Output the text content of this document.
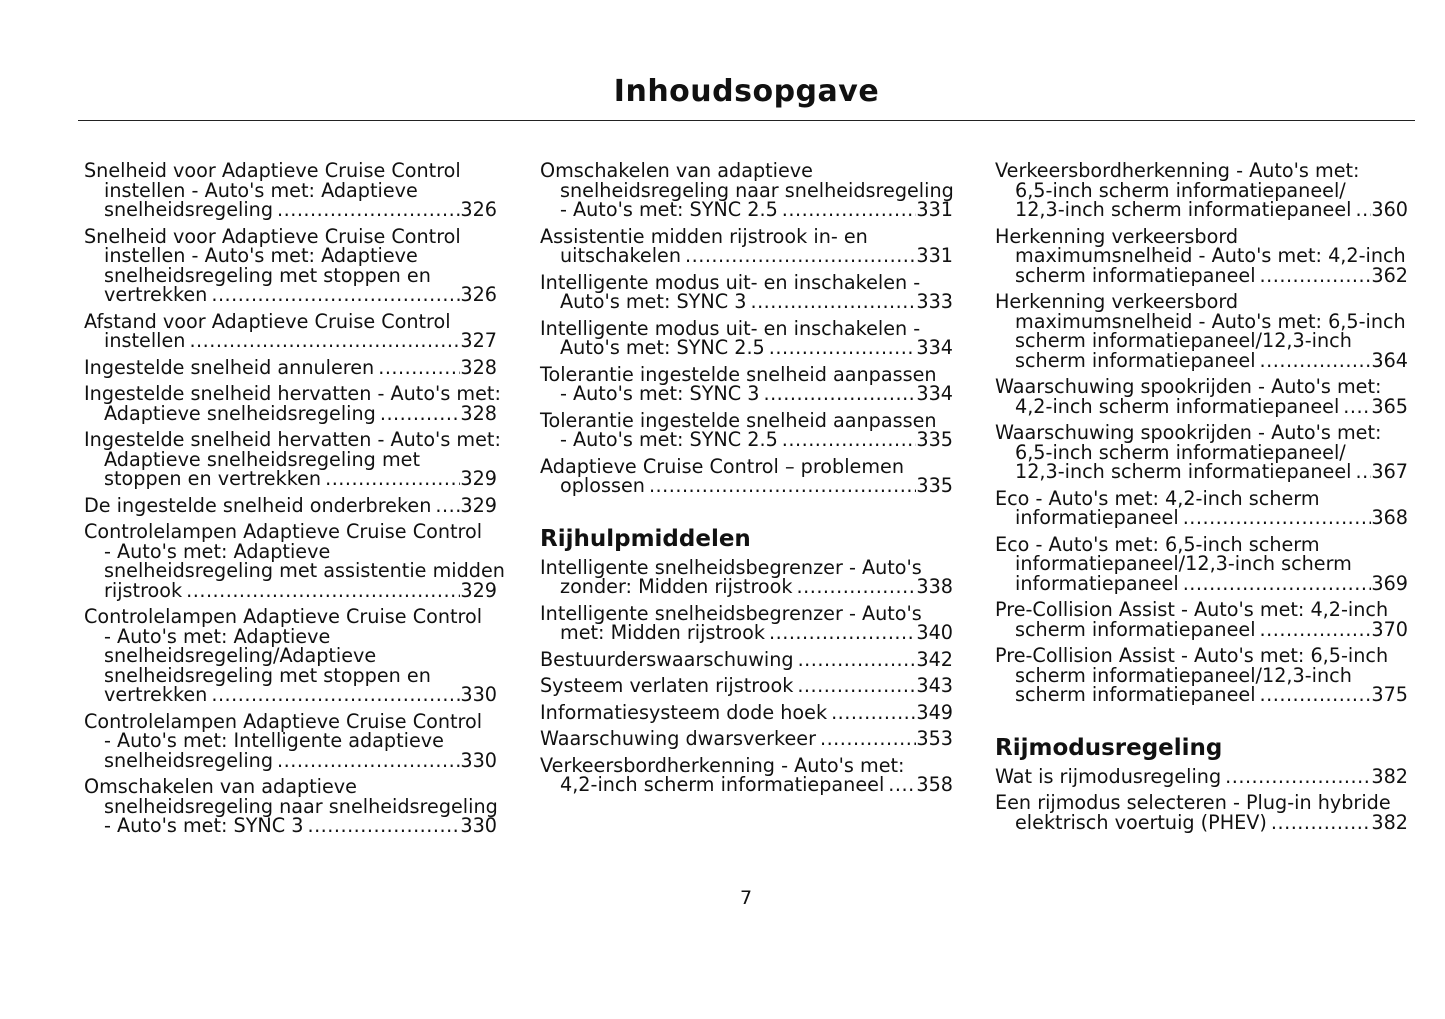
Inhoudsopgave
Snelheid voor Adaptieve Cruise Control
instellen - Auto's met: Adaptieve
snelheidsregeling .....	326
Snelheid voor Adaptieve Cruise Control
instellen - Auto's met: Adaptieve
snelheidsregeling met stoppen en
vertrekken .....	326
Afstand voor Adaptieve Cruise Control
instellen .....	327
Ingestelde snelheid annuleren .....	328
Ingestelde snelheid hervatten - Auto's met:
Adaptieve snelheidsregeling .....	328
Ingestelde snelheid hervatten - Auto's met:
Adaptieve snelheidsregeling met
stoppen en vertrekken .....	329
De ingestelde snelheid onderbreken ..... 329
Controlelampen Adaptieve Cruise Control
- Auto's met: Adaptieve
snelheidsregeling met assistentie midden
rijstrook .....	329
Controlelampen Adaptieve Cruise Control
- Auto's met: Adaptieve
snelheidsregeling/Adaptieve
snelheidsregeling met stoppen en
vertrekken .....	330
Controlelampen Adaptieve Cruise Control
- Auto's met: Intelligente adaptieve
snelheidsregeling .....	330
Omschakelen van adaptieve
snelheidsregeling naar snelheidsregeling
- Auto's met: SYNC 3 .....	330
Omschakelen van adaptieve
snelheidsregeling naar snelheidsregeling
- Auto's met: SYNC 2.5 .....	331
Assistentie midden rijstrook in- en
uitschakelen .....	331
Intelligente modus uit- en inschakelen -
Auto's met: SYNC 3 .....	333
Intelligente modus uit- en inschakelen -
Auto's met: SYNC 2.5 .....	334
Tolerantie ingestelde snelheid aanpassen
- Auto's met: SYNC 3 .....	334
Tolerantie ingestelde snelheid aanpassen
- Auto's met: SYNC 2.5 .....	335
Adaptieve Cruise Control – problemen
oplossen .....	335
Rijhulpmiddelen
Intelligente snelheidsbegrenzer - Auto's
zonder: Midden rijstrook .....	338
Intelligente snelheidsbegrenzer - Auto's
met: Midden rijstrook .....	340
Bestuurderswaarschuwing .....	342
Systeem verlaten rijstrook .....	343
Informatiesysteem dode hoek .....	349
Waarschuwing dwarsverkeer .....	353
Verkeersbordherkenning - Auto's met:
4,2-inch scherm informatiepaneel ..... 358
Verkeersbordherkenning - Auto's met:
6,5-inch scherm informatiepaneel/
12,3-inch scherm informatiepaneel ..... 360
Herkenning verkeersbord
maximumsnelheid - Auto's met: 4,2-inch
scherm informatiepaneel .....	362
Herkenning verkeersbord
maximumsnelheid - Auto's met: 6,5-inch
scherm informatiepaneel/12,3-inch
scherm informatiepaneel .....	364
Waarschuwing spookrijden - Auto's met:
4,2-inch scherm informatiepaneel ..... 365
Waarschuwing spookrijden - Auto's met:
6,5-inch scherm informatiepaneel/
12,3-inch scherm informatiepaneel ..... 367
Eco - Auto's met: 4,2-inch scherm
informatiepaneel .....	368
Eco - Auto's met: 6,5-inch scherm
informatiepaneel/12,3-inch scherm
informatiepaneel .....	369
Pre-Collision Assist - Auto's met: 4,2-inch
scherm informatiepaneel .....	370
Pre-Collision Assist - Auto's met: 6,5-inch
scherm informatiepaneel/12,3-inch
scherm informatiepaneel .....	375
Rijmodusregeling
Wat is rijmodusregeling .....	382
Een rijmodus selecteren - Plug-in hybride
elektrisch voertuig (PHEV) .....	382
7
